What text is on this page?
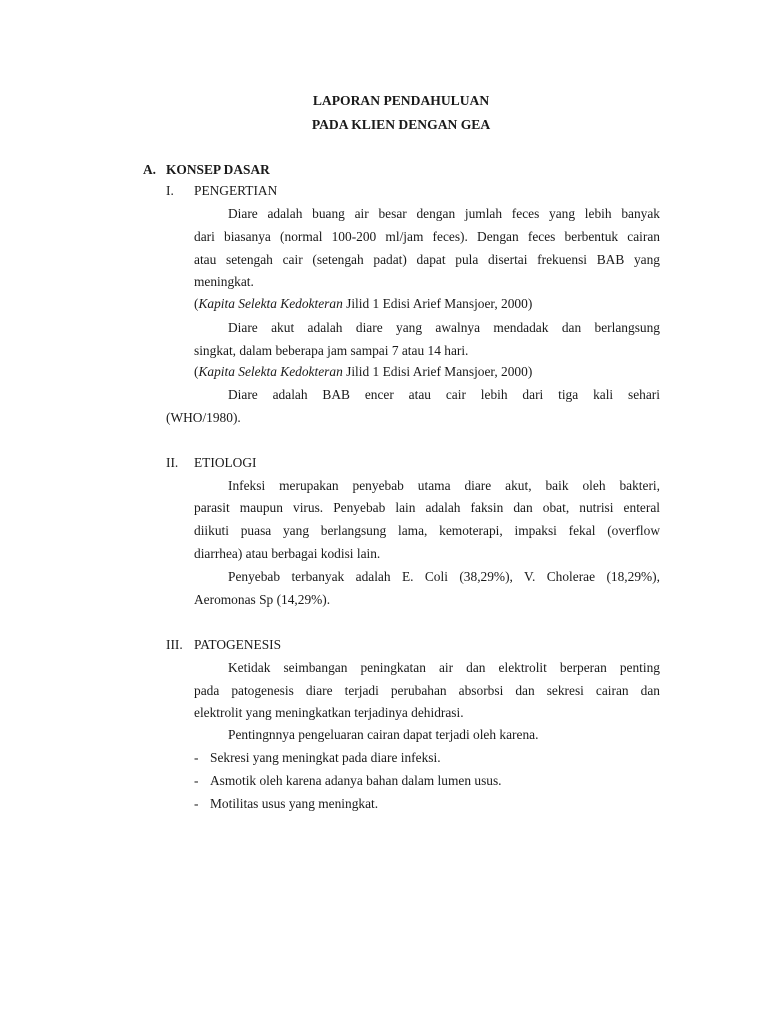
LAPORAN PENDAHULUAN
PADA KLIEN DENGAN GEA
A. KONSEP DASAR
I. PENGERTIAN
Diare adalah buang air besar dengan jumlah feces yang lebih banyak
dari biasanya (normal 100-200 ml/jam feces). Dengan feces berbentuk cairan
atau setengah cair (setengah padat) dapat pula disertai frekuensi BAB yang
meningkat.
(Kapita Selekta Kedokteran Jilid 1 Edisi Arief Mansjoer, 2000)
Diare akut adalah diare yang awalnya mendadak dan berlangsung
singkat, dalam beberapa jam sampai 7 atau 14 hari.
(Kapita Selekta Kedokteran Jilid 1 Edisi Arief Mansjoer, 2000)
Diare adalah BAB encer atau cair lebih dari tiga kali sehari
(WHO/1980).
II. ETIOLOGI
Infeksi merupakan penyebab utama diare akut, baik oleh bakteri,
parasit maupun virus. Penyebab lain adalah faksin dan obat, nutrisi enteral
diikuti puasa yang berlangsung lama, kemoterapi, impaksi fekal (overflow
diarrhea) atau berbagai kodisi lain.
Penyebab terbanyak adalah E. Coli (38,29%), V. Cholerae (18,29%),
Aeromonas Sp (14,29%).
III. PATOGENESIS
Ketidak seimbangan peningkatan air dan elektrolit berperan penting
pada patogenesis diare terjadi perubahan absorbsi dan sekresi cairan dan
elektrolit yang meningkatkan terjadinya dehidrasi.
Pentingnnya pengeluaran cairan dapat terjadi oleh karena.
- Sekresi yang meningkat pada diare infeksi.
- Asmotik oleh karena adanya bahan dalam lumen usus.
- Motilitas usus yang meningkat.
